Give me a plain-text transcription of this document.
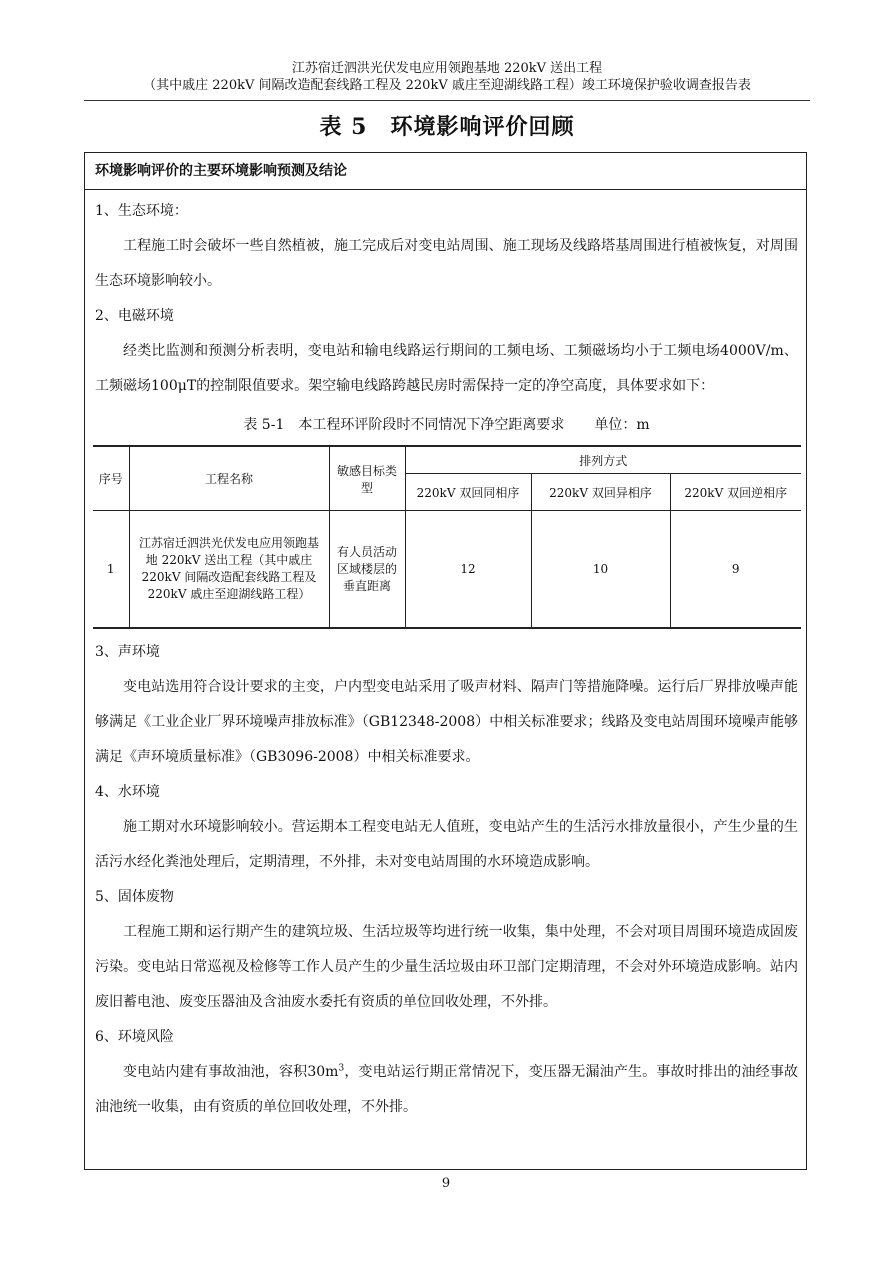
江苏宿迁泗洪光伏发电应用领跑基地 220kV 送出工程
（其中戚庄 220kV 间隔改造配套线路工程及 220kV 戚庄至迎湖线路工程）竣工环境保护验收调查报告表
表 5　环境影响评价回顾
环境影响评价的主要环境影响预测及结论

1、生态环境：

工程施工时会破坏一些自然植被，施工完成后对变电站周围、施工现场及线路塔基周围进行植被恢复，对周围生态环境影响较小。

2、电磁环境

经类比监测和预测分析表明，变电站和输电线路运行期间的工频电场、工频磁场均小于工频电场4000V/m、工频磁场100μT的控制限值要求。架空输电线路跨越民房时需保持一定的净空高度，具体要求如下：

表 5-1　本工程环评阶段时不同情况下净空距离要求 单位：m
序号	工程名称	敏感目标类型	排列方式		
			220kV 双回同相序	220kV 双回异相序	220kV 双回逆相序
1	江苏宿迁泗洪光伏发电应用领跑基地 220kV 送出工程（其中戚庄 220kV 间隔改造配套线路工程及 220kV 戚庄至迎湖线路工程）	有人员活动区域楼层的垂直距离	12	10	9

3、声环境

变电站选用符合设计要求的主变，户内型变电站采用了吸声材料、隔声门等措施降噪。运行后厂界排放噪声能够满足《工业企业厂界环境噪声排放标准》（GB12348-2008）中相关标准要求；线路及变电站周围环境噪声能够满足《声环境质量标准》（GB3096-2008）中相关标准要求。

4、水环境

施工期对水环境影响较小。营运期本工程变电站无人值班，变电站产生的生活污水排放量很小，产生少量的生活污水经化粪池处理后，定期清理，不外排，未对变电站周围的水环境造成影响。

5、固体废物

工程施工期和运行期产生的建筑垃圾、生活垃圾等均进行统一收集，集中处理，不会对项目周围环境造成固废污染。变电站日常巡视及检修等工作人员产生的少量生活垃圾由环卫部门定期清理，不会对外环境造成影响。站内废旧蓄电池、废变压器油及含油废水委托有资质的单位回收处理，不外排。

6、环境风险

变电站内建有事故油池，容积$30m^3$，变电站运行期正常情况下，变压器无漏油产生。事故时排出的油经事故油池统一收集，由有资质的单位回收处理，不外排。

9
